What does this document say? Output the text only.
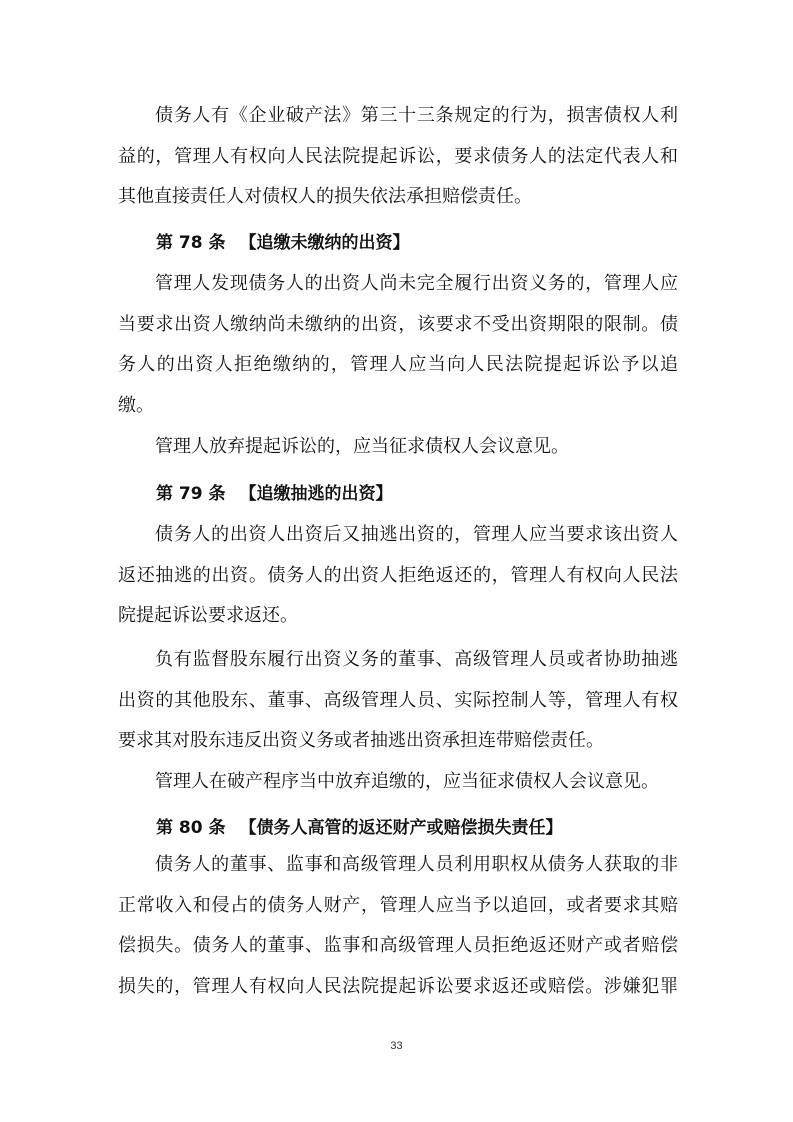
债务人有《企业破产法》第三十三条规定的行为，损害债权人利
益的，管理人有权向人民法院提起诉讼，要求债务人的法定代表人和
其他直接责任人对债权人的损失依法承担赔偿责任。
第 78 条 【追缴未缴纳的出资】
管理人发现债务人的出资人尚未完全履行出资义务的，管理人应
当要求出资人缴纳尚未缴纳的出资，该要求不受出资期限的限制。债
务人的出资人拒绝缴纳的，管理人应当向人民法院提起诉讼予以追
缴。
管理人放弃提起诉讼的，应当征求债权人会议意见。
第 79 条 【追缴抽逃的出资】
债务人的出资人出资后又抽逃出资的，管理人应当要求该出资人
返还抽逃的出资。债务人的出资人拒绝返还的，管理人有权向人民法
院提起诉讼要求返还。
负有监督股东履行出资义务的董事、高级管理人员或者协助抽逃
出资的其他股东、董事、高级管理人员、实际控制人等，管理人有权
要求其对股东违反出资义务或者抽逃出资承担连带赔偿责任。
管理人在破产程序当中放弃追缴的，应当征求债权人会议意见。
第 80 条 【债务人高管的返还财产或赔偿损失责任】
债务人的董事、监事和高级管理人员利用职权从债务人获取的非
正常收入和侵占的债务人财产，管理人应当予以追回，或者要求其赔
偿损失。债务人的董事、监事和高级管理人员拒绝返还财产或者赔偿
损失的，管理人有权向人民法院提起诉讼要求返还或赔偿。涉嫌犯罪
33
